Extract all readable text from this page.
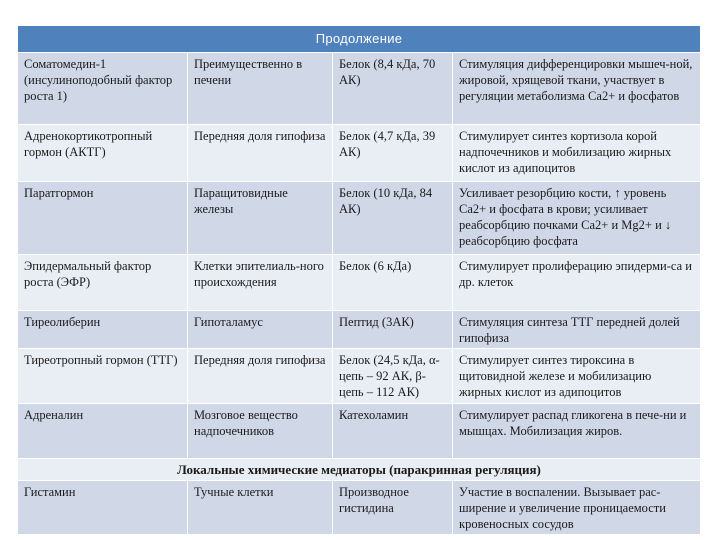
Продолжение			
Соматомедин-1 (инсулиноподобный фактор роста 1)	Преимущественно в печени	Белок (8,4 кДа, 70 АК)	Стимуляция дифференцировки мышеч-ной, жировой, хрящевой ткани, участвует в регуляции метаболизма Ca2+ и фосфатов
Адренокортикотропный гормон (АКТГ)	Передняя доля гипофиза	Белок (4,7 кДа, 39 АК)	Стимулирует синтез кортизола корой надпочечников и мобилизацию жирных кислот из адипоцитов
Паратгормон	Паращитовидные железы	Белок (10 кДа, 84 АК)	Усиливает резорбцию кости, ↑ уровень Ca2+ и фосфата в крови; усиливает реабсорбцию почками Ca2+ и Mg2+ и ↓ реабсорбцию фосфата
Эпидермальный фактор роста (ЭФР)	Клетки эпителиаль-ного происхождения	Белок (6 кДа)	Стимулирует пролиферацию эпидерми-са и др. клеток
Тиреолиберин	Гипоталамус	Пептид (3АК)	Стимуляция синтеза ТТГ передней долей гипофиза
Тиреотропный гормон (ТТГ)	Передняя доля гипофиза	Белок (24,5 кДа, α-цепь – 92 АК, β-цепь – 112 АК)	Стимулирует синтез тироксина в щитовидной железе и мобилизацию жирных кислот из адипоцитов
Адреналин	Мозговое вещество надпочечников	Катехоламин	Стимулирует распад гликогена в пече-ни и мышцах. Мобилизация жиров.
Локальные химические медиаторы (паракринная регуляция)			
Гистамин	Тучные клетки	Производное гистидина	Участие в воспалении. Вызывает рас-ширение и увеличение проницаемости кровеносных сосудов
